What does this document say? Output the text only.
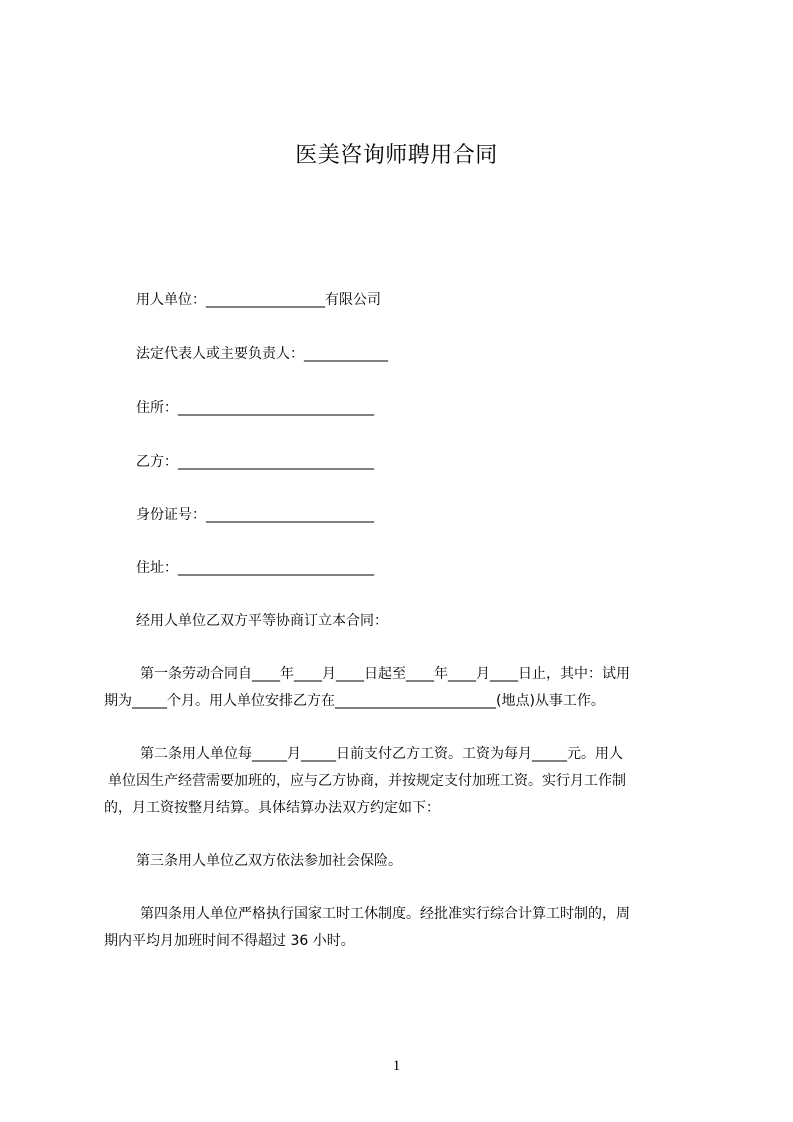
医美咨询师聘用合同
用人单位：_________________有限公司
法定代表人或主要负责人：____________
住所：____________________________
乙方：____________________________
身份证号：________________________
住址：____________________________
经用人单位乙双方平等协商订立本合同：
第一条劳动合同自____年____月____日起至____年____月____日止，其中：试用
期为_____个月。用人单位安排乙方在_______________________(地点)从事工作。
第二条用人单位每_____月_____日前支付乙方工资。工资为每月_____元。用人
单位因生产经营需要加班的，应与乙方协商，并按规定支付加班工资。实行月工作制
的，月工资按整月结算。具体结算办法双方约定如下：
第三条用人单位乙双方依法参加社会保险。
第四条用人单位严格执行国家工时工休制度。经批准实行综合计算工时制的，周
期内平均月加班时间不得超过 36 小时。
1
